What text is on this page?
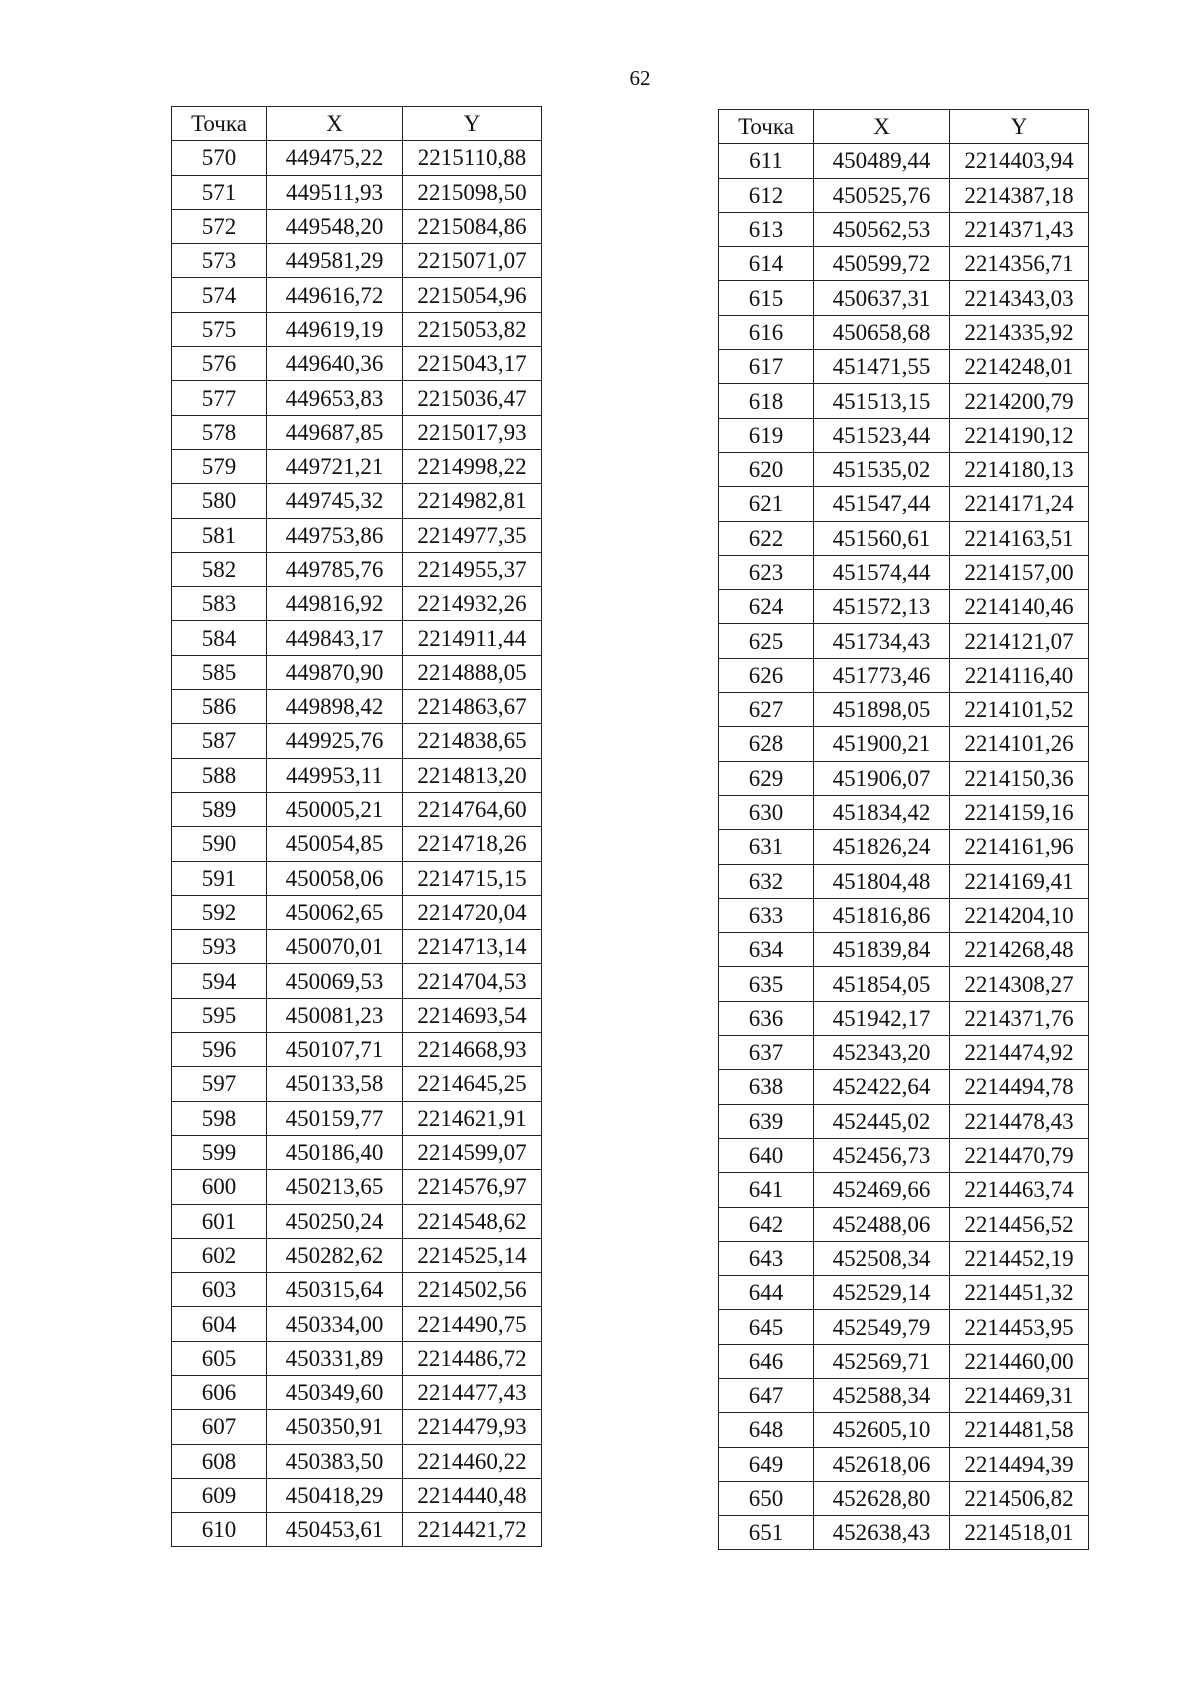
62
Точка	X	Y
570	449475,22	2215110,88
571	449511,93	2215098,50
572	449548,20	2215084,86
573	449581,29	2215071,07
574	449616,72	2215054,96
575	449619,19	2215053,82
576	449640,36	2215043,17
577	449653,83	2215036,47
578	449687,85	2215017,93
579	449721,21	2214998,22
580	449745,32	2214982,81
581	449753,86	2214977,35
582	449785,76	2214955,37
583	449816,92	2214932,26
584	449843,17	2214911,44
585	449870,90	2214888,05
586	449898,42	2214863,67
587	449925,76	2214838,65
588	449953,11	2214813,20
589	450005,21	2214764,60
590	450054,85	2214718,26
591	450058,06	2214715,15
592	450062,65	2214720,04
593	450070,01	2214713,14
594	450069,53	2214704,53
595	450081,23	2214693,54
596	450107,71	2214668,93
597	450133,58	2214645,25
598	450159,77	2214621,91
599	450186,40	2214599,07
600	450213,65	2214576,97
601	450250,24	2214548,62
602	450282,62	2214525,14
603	450315,64	2214502,56
604	450334,00	2214490,75
605	450331,89	2214486,72
606	450349,60	2214477,43
607	450350,91	2214479,93
608	450383,50	2214460,22
609	450418,29	2214440,48
610	450453,61	2214421,72
Точка	X	Y
611	450489,44	2214403,94
612	450525,76	2214387,18
613	450562,53	2214371,43
614	450599,72	2214356,71
615	450637,31	2214343,03
616	450658,68	2214335,92
617	451471,55	2214248,01
618	451513,15	2214200,79
619	451523,44	2214190,12
620	451535,02	2214180,13
621	451547,44	2214171,24
622	451560,61	2214163,51
623	451574,44	2214157,00
624	451572,13	2214140,46
625	451734,43	2214121,07
626	451773,46	2214116,40
627	451898,05	2214101,52
628	451900,21	2214101,26
629	451906,07	2214150,36
630	451834,42	2214159,16
631	451826,24	2214161,96
632	451804,48	2214169,41
633	451816,86	2214204,10
634	451839,84	2214268,48
635	451854,05	2214308,27
636	451942,17	2214371,76
637	452343,20	2214474,92
638	452422,64	2214494,78
639	452445,02	2214478,43
640	452456,73	2214470,79
641	452469,66	2214463,74
642	452488,06	2214456,52
643	452508,34	2214452,19
644	452529,14	2214451,32
645	452549,79	2214453,95
646	452569,71	2214460,00
647	452588,34	2214469,31
648	452605,10	2214481,58
649	452618,06	2214494,39
650	452628,80	2214506,82
651	452638,43	2214518,01
